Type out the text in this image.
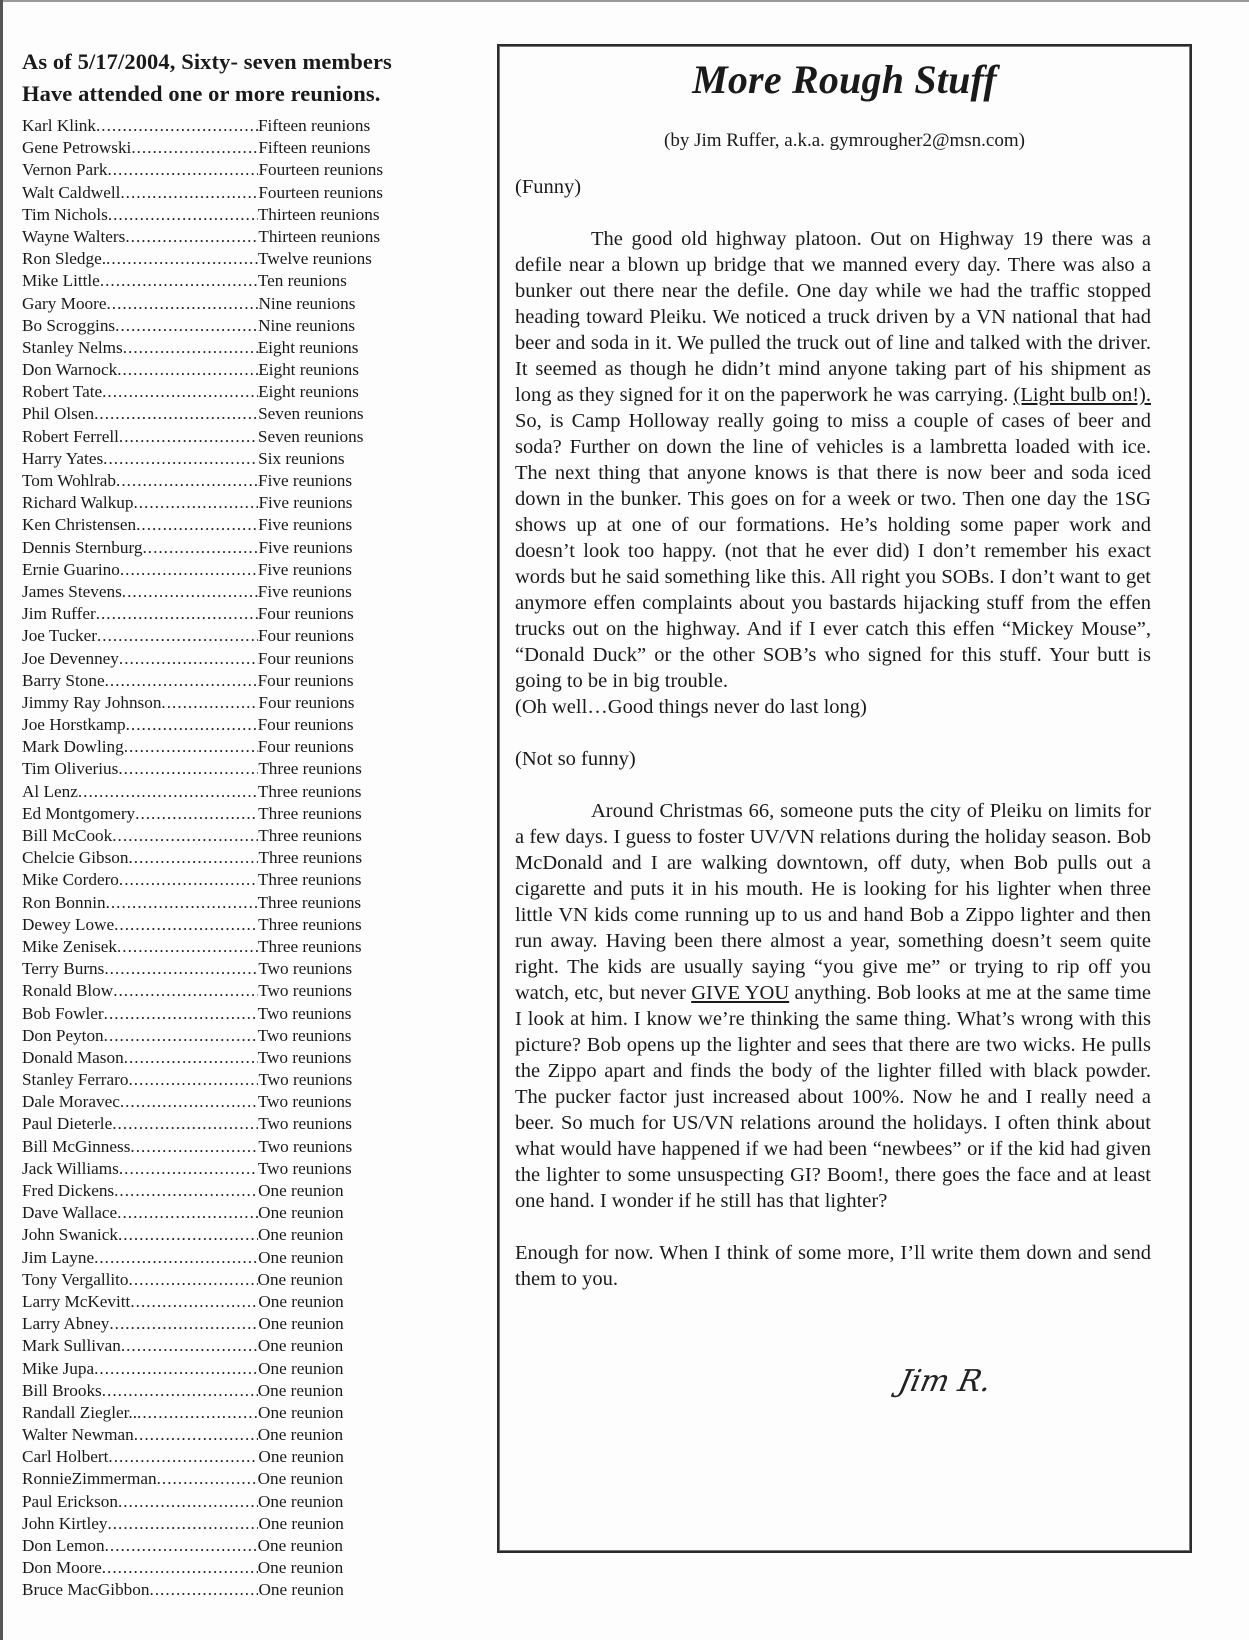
As of 5/17/2004, Sixty- seven members
Have attended one or more reunions.
Karl Klink .....	Fifteen reunions
Gene Petrowski .....	Fifteen reunions
Vernon Park .....	Fourteen reunions
Walt Caldwell .....	Fourteen reunions
Tim Nichols .....	Thirteen reunions
Wayne Walters .....	Thirteen reunions
Ron Sledge. .....	Twelve reunions
Mike Little .....	Ten reunions
Gary Moore .....	Nine reunions
Bo Scroggins .....	Nine reunions
Stanley Nelms .....	Eight reunions
Don Warnock .....	Eight reunions
Robert Tate .....	Eight reunions
Phil Olsen .....	Seven reunions
Robert Ferrell .....	Seven reunions
Harry Yates .....	Six reunions
Tom Wohlrab .....	Five reunions
Richard Walkup .....	Five reunions
Ken Christensen .....	Five reunions
Dennis Sternburg .....	Five reunions
Ernie Guarino .....	Five reunions
James Stevens .....	Five reunions
Jim Ruffer .....	Four reunions
Joe Tucker .....	Four reunions
Joe Devenney .....	Four reunions
Barry Stone .....	Four reunions
Jimmy Ray Johnson .....	Four reunions
Joe Horstkamp .....	Four reunions
Mark Dowling .....	Four reunions
Tim Oliverius .....	Three reunions
Al Lenz .....	Three reunions
Ed Montgomery .....	Three reunions
Bill McCook .....	Three reunions
Chelcie Gibson .....	Three reunions
Mike Cordero .....	Three reunions
Ron Bonnin .....	Three reunions
Dewey Lowe .....	Three reunions
Mike Zenisek .....	Three reunions
Terry Burns .....	Two reunions
Ronald Blow .....	Two reunions
Bob Fowler .....	Two reunions
Don Peyton .....	Two reunions
Donald Mason .....	Two reunions
Stanley Ferraro .....	Two reunions
Dale Moravec .....	Two reunions
Paul Dieterle .....	Two reunions
Bill McGinness .....	Two reunions
Jack Williams .....	Two reunions
Fred Dickens .....	One reunion
Dave Wallace .....	One reunion
John Swanick .....	One reunion
Jim Layne .....	One reunion
Tony Vergallito .....	One reunion
Larry McKevitt .....	One reunion
Larry Abney .....	One reunion
Mark Sullivan .....	One reunion
Mike Jupa .....	One reunion
Bill Brooks .....	One reunion
Randall Ziegler.. .....	One reunion
Walter Newman .....	One reunion
Carl Holbert .....	One reunion
RonnieZimmerman .....	One reunion
Paul Erickson .....	One reunion
John Kirtley .....	One reunion
Don Lemon .....	One reunion
Don Moore .....	One reunion
Bruce MacGibbon .....	One reunion
More Rough Stuff
(by Jim Ruffer, a.k.a. gymrougher2@msn.com)

(Funny)

The good old highway platoon. Out on Highway 19 there was a defile near a blown up bridge that we manned every day. There was also a bunker out there near the defile. One day while we had the traffic stopped heading toward Pleiku. We noticed a truck driven by a VN national that had beer and soda in it. We pulled the truck out of line and talked with the driver. It seemed as though he didn’t mind anyone taking part of his shipment as long as they signed for it on the paperwork he was carrying. (Light bulb on!). So, is Camp Holloway really going to miss a couple of cases of beer and soda? Further on down the line of vehicles is a lambretta loaded with ice. The next thing that anyone knows is that there is now beer and soda iced down in the bunker. This goes on for a week or two. Then one day the 1SG shows up at one of our formations. He’s holding some paper work and doesn’t look too happy. (not that he ever did) I don’t remember his exact words but he said something like this. All right you SOBs. I don’t want to get anymore effen complaints about you bastards hijacking stuff from the effen trucks out on the highway. And if I ever catch this effen “Mickey Mouse”, “Donald Duck” or the other SOB’s who signed for this stuff. Your butt is going to be in big trouble.

(Oh well…Good things never do last long)

(Not so funny)

Around Christmas 66, someone puts the city of Pleiku on limits for a few days. I guess to foster UV/VN relations during the holiday season. Bob McDonald and I are walking downtown, off duty, when Bob pulls out a cigarette and puts it in his mouth. He is looking for his lighter when three little VN kids come running up to us and hand Bob a Zippo lighter and then run away. Having been there almost a year, something doesn’t seem quite right. The kids are usually saying “you give me” or trying to rip off you watch, etc, but never GIVE YOU anything. Bob looks at me at the same time I look at him. I know we’re thinking the same thing. What’s wrong with this picture? Bob opens up the lighter and sees that there are two wicks. He pulls the Zippo apart and finds the body of the lighter filled with black powder. The pucker factor just increased about 100%. Now he and I really need a beer. So much for US/VN relations around the holidays. I often think about what would have happened if we had been “newbees” or if the kid had given the lighter to some unsuspecting GI? Boom!, there goes the face and at least one hand. I wonder if he still has that lighter?

Enough for now. When I think of some more, I’ll write them down and send them to you.

Jim R.
